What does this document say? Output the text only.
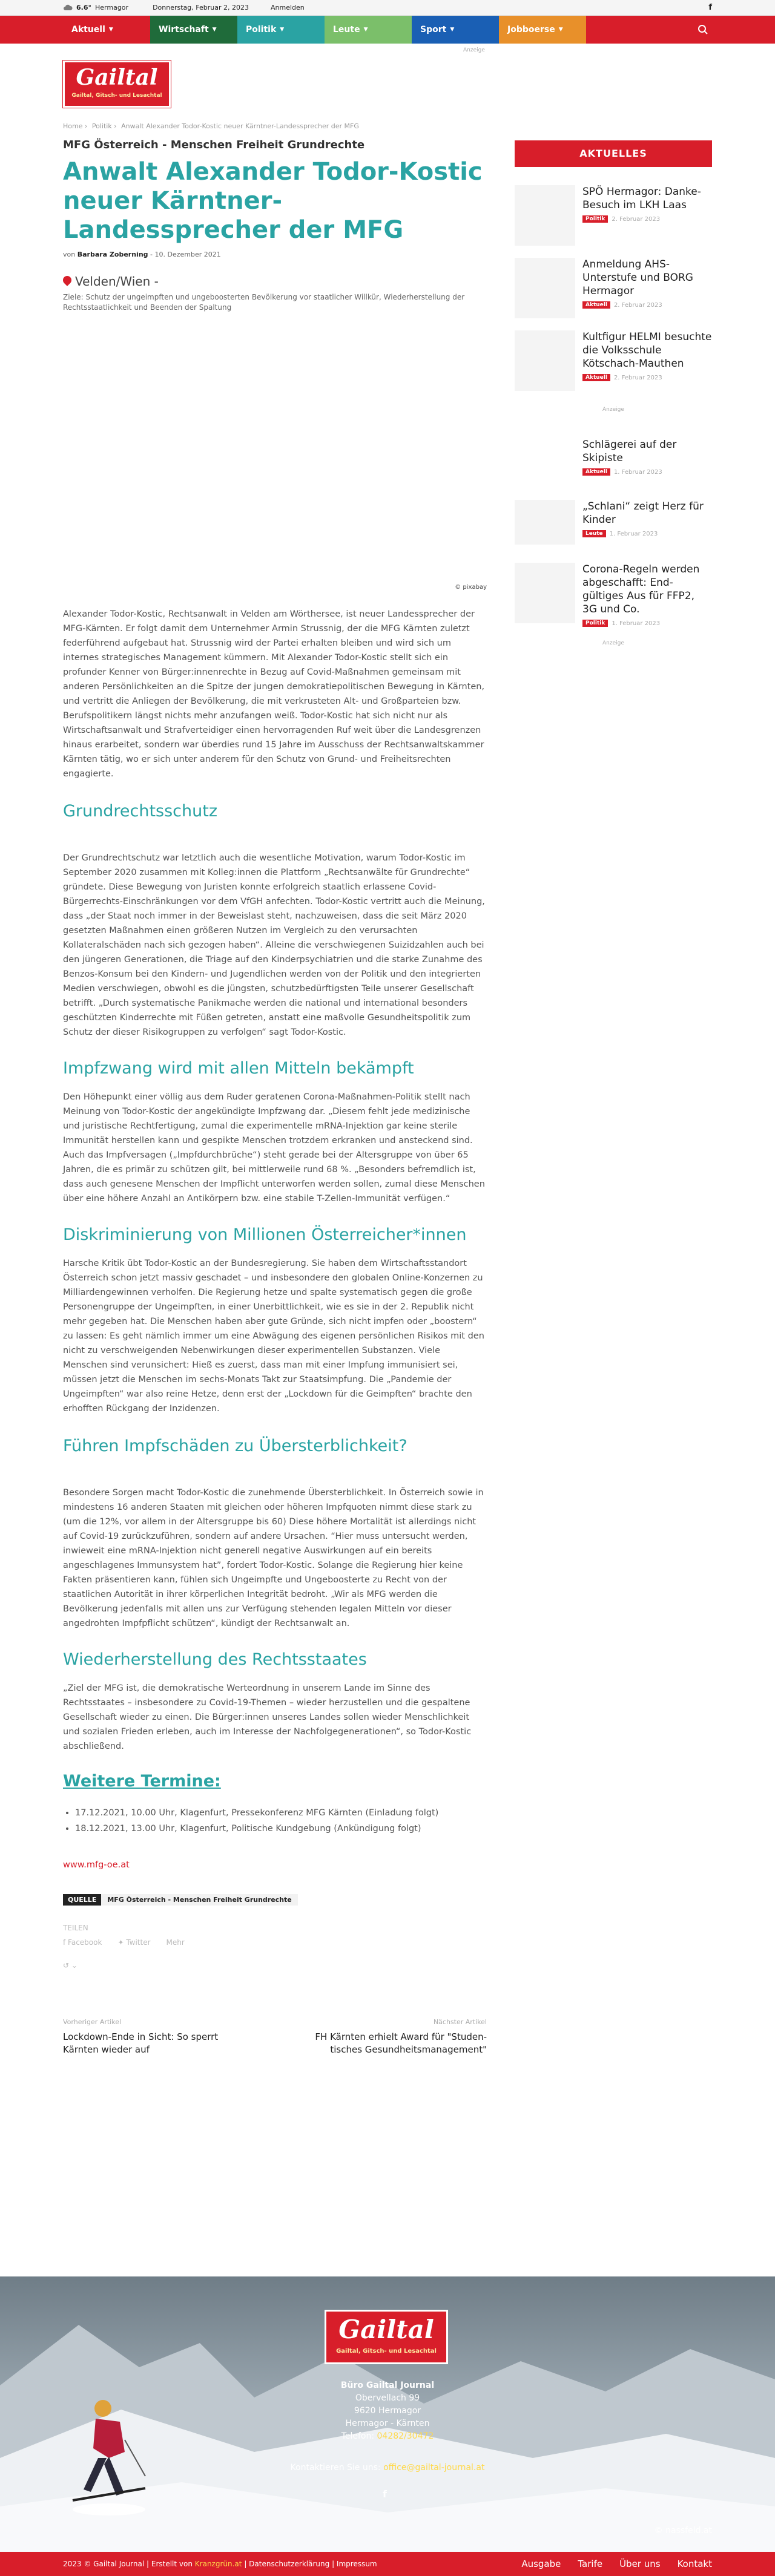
6.6° Hermagor	Donnerstag, Februar 2, 2023	Anmelden	f
Aktuell ▼	Wirtschaft ▼	Politik ▼	Leute ▼	Sport ▼	Jobboerse ▼
Anzeige
Gailtal
Gailtal, Gitsch- und Lesachtal
Home › Politik › Anwalt Alexander Todor-Kostic neuer Kärntner-Landessprecher der MFG
MFG Österreich - Menschen Freiheit Grundrechte
Anwalt Alexander Todor-Kostic neuer Kärntner-Landessprecher der MFG
von Barbara Zoberning - 10. Dezember 2021
Velden/Wien -
Ziele: Schutz der ungeimpften und ungeboosterten Bevölkerung vor staatlicher Willkür, Wiederherstellung der Rechtsstaatlichkeit und Beenden der Spaltung
© pixabay

Alexander Todor-Kostic, Rechtsanwalt in Velden am Wörthersee, ist neuer Landessprecher der MFG-Kärnten. Er folgt damit dem Unternehmer Armin Strussnig, der die MFG Kärnten zuletzt federführend aufgebaut hat. Strussnig wird der Partei erhalten bleiben und wird sich um internes strategisches Management kümmern. Mit Alexander Todor-Kostic stellt sich ein profunder Kenner von Bürger:innenrechte in Bezug auf Covid-Maßnahmen gemeinsam mit anderen Persönlichkeiten an die Spitze der jungen demokratiepolitischen Bewegung in Kärnten, und vertritt die Anliegen der Bevölkerung, die mit verkrusteten Alt- und Großparteien bzw. Berufspolitikern längst nichts mehr anzufangen weiß. Todor-Kostic hat sich nicht nur als Wirtschaftsanwalt und Strafverteidiger einen hervorragenden Ruf weit über die Landesgrenzen hinaus erarbeitet, sondern war überdies rund 15 Jahre im Ausschuss der Rechtsanwaltskammer Kärnten tätig, wo er sich unter anderem für den Schutz von Grund- und Freiheitsrechten engagierte.

Grundrechtsschutz

Der Grundrechtschutz war letztlich auch die wesentliche Motivation, warum Todor-Kostic im September 2020 zusammen mit Kolleg:innen die Plattform „Rechtsanwälte für Grundrechte“ gründete. Diese Bewegung von Juristen konnte erfolgreich staatlich erlassene Covid-Bürgerrechts-Einschränkungen vor dem VfGH anfechten. Todor-Kostic vertritt auch die Meinung, dass „der Staat noch immer in der Beweislast steht, nachzuweisen, dass die seit März 2020 gesetzten Maßnahmen einen größeren Nutzen im Vergleich zu den verursachten Kollateralschäden nach sich gezogen haben“. Alleine die verschwiegenen Suizidzahlen auch bei den jüngeren Generationen, die Triage auf den Kinderpsychiatrien und die starke Zunahme des Benzos-Konsum bei den Kindern- und Jugendlichen werden von der Politik und den integrierten Medien verschwiegen, obwohl es die jüngsten, schutzbedürftigsten Teile unserer Gesellschaft betrifft. „Durch systematische Panikmache werden die national und international besonders geschützten Kinderrechte mit Füßen getreten, anstatt eine maßvolle Gesundheitspolitik zum Schutz der dieser Risikogruppen zu verfolgen“ sagt Todor-Kostic.

Impfzwang wird mit allen Mitteln bekämpft

Den Höhepunkt einer völlig aus dem Ruder geratenen Corona-Maßnahmen-Politik stellt nach Meinung von Todor-Kostic der angekündigte Impfzwang dar. „Diesem fehlt jede medizinische und juristische Rechtfertigung, zumal die experimentelle mRNA-Injektion gar keine sterile Immunität herstellen kann und gespikte Menschen trotzdem erkranken und ansteckend sind. Auch das Impfversagen („Impfdurchbrüche“) steht gerade bei der Altersgruppe von über 65 Jahren, die es primär zu schützen gilt, bei mittlerweile rund 68 %. „Besonders befremdlich ist, dass auch genesene Menschen der Impflicht unterworfen werden sollen, zumal diese Menschen über eine höhere Anzahl an Antikörpern bzw. eine stabile T-Zellen-Immunität verfügen.“

Diskriminierung von Millionen Österreicher*innen

Harsche Kritik übt Todor-Kostic an der Bundesregierung. Sie haben dem Wirtschaftsstandort Österreich schon jetzt massiv geschadet – und insbesondere den globalen Online-Konzernen zu Milliardengewinnen verholfen. Die Regierung hetze und spalte systematisch gegen die große Personengruppe der Ungeimpften, in einer Unerbittlichkeit, wie es sie in der 2. Republik nicht mehr gegeben hat. Die Menschen haben aber gute Gründe, sich nicht impfen oder „boostern“ zu lassen: Es geht nämlich immer um eine Abwägung des eigenen persönlichen Risikos mit den nicht zu verschweigenden Nebenwirkungen dieser experimentellen Substanzen. Viele Menschen sind verunsichert: Hieß es zuerst, dass man mit einer Impfung immunisiert sei, müssen jetzt die Menschen im sechs-Monats Takt zur Staatsimpfung. Die „Pandemie der Ungeimpften“ war also reine Hetze, denn erst der „Lockdown für die Geimpften“ brachte den erhofften Rückgang der Inzidenzen.

Führen Impfschäden zu Übersterblichkeit?

Besondere Sorgen macht Todor-Kostic die zunehmende Übersterblichkeit. In Österreich sowie in mindestens 16 anderen Staaten mit gleichen oder höheren Impfquoten nimmt diese stark zu (um die 12%, vor allem in der Altersgruppe bis 60) Diese höhere Mortalität ist allerdings nicht auf Covid-19 zurückzuführen, sondern auf andere Ursachen. “Hier muss untersucht werden, inwieweit eine mRNA-Injektion nicht generell negative Auswirkungen auf ein bereits angeschlagenes Immunsystem hat”, fordert Todor-Kostic. Solange die Regierung hier keine Fakten präsentieren kann, fühlen sich Ungeimpfte und Ungeboosterte zu Recht von der staatlichen Autorität in ihrer körperlichen Integrität bedroht. „Wir als MFG werden die Bevölkerung jedenfalls mit allen uns zur Verfügung stehenden legalen Mitteln vor dieser angedrohten Impfpflicht schützen“, kündigt der Rechtsanwalt an.

Wiederherstellung des Rechtsstaates

„Ziel der MFG ist, die demokratische Werteordnung in unserem Lande im Sinne des Rechtsstaates – insbesondere zu Covid-19-Themen – wieder herzustellen und die gespaltene Gesellschaft wieder zu einen. Die Bürger:innen unseres Landes sollen wieder Menschlichkeit und sozialen Frieden erleben, auch im Interesse der Nachfolgegenerationen“, so Todor-Kostic abschließend.

Weitere Termine:
• 17.12.2021, 10.00 Uhr, Klagenfurt, Pressekonferenz MFG Kärnten (Einladung folgt)
• 18.12.2021, 13.00 Uhr, Klagenfurt, Politische Kundgebung (Ankündigung folgt)
www.mfg-oe.at
QUELLE	MFG Österreich - Menschen Freiheit Grundrechte
TEILEN
f Facebook ✦ Twitter Mehr
↺ ⌄
Vorheriger Artikel
Lockdown-Ende in Sicht: So sperrt Kärnten wieder auf
Nächster Artikel
FH Kärnten erhielt Award für "Studen-tisches Gesundheitsmanagement"
AKTUELLES
SPÖ Hermagor: Danke-Besuch im LKH Laas
Politik	2. Februar 2023
Anmeldung AHS-Unterstufe und BORG Hermagor
Aktuell	2. Februar 2023
Kultfigur HELMI besuchte die Volksschule Kötschach-Mauthen
Aktuell	2. Februar 2023
Anzeige
Schlägerei auf der Skipiste
Aktuell	1. Februar 2023
„Schlani“ zeigt Herz für Kinder
Leute	1. Februar 2023
Corona-Regeln werden abgeschafft: End-gültiges Aus für FFP2, 3G und Co.
Politik	1. Februar 2023
Anzeige
Gailtal
Gailtal, Gitsch- und Lesachtal
Büro Gailtal Journal
Obervellach 99
9620 Hermagor
Hermagor - Kärnten
Telefon: 04282/30472
Kontaktieren Sie uns: office@gailtal-journal.at
f
© nassfeld.at
2023 © Gailtal Journal | Erstellt von Kranzgrün.at | Datenschutzerklärung | Impressum	Ausgabe Tarife Über uns Kontakt
